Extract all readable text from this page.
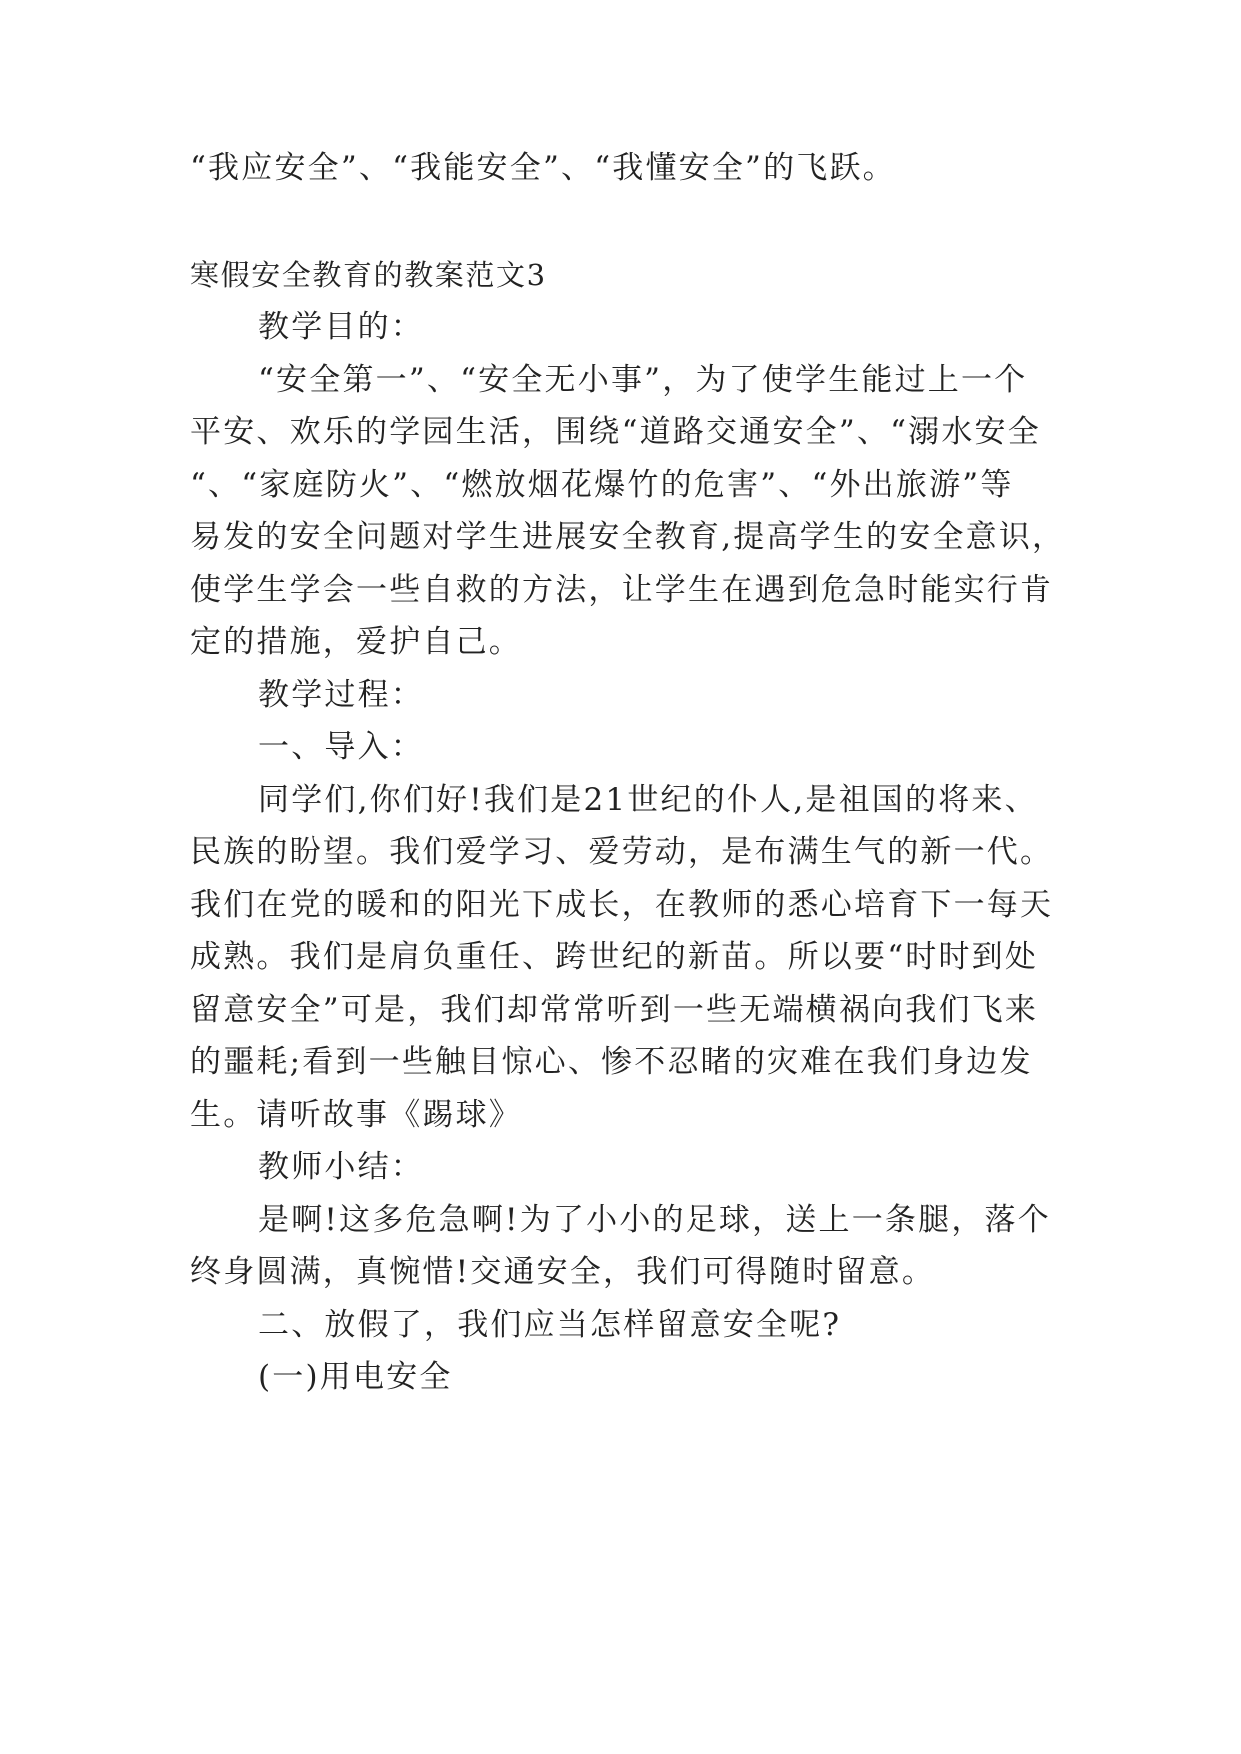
“我应安全”、“我能安全”、“我懂安全”的飞跃。
寒假安全教育的教案范文3
教学目的：
“安全第一”、“安全无小事”，为了使学生能过上一个
平安、欢乐的学园生活，围绕“道路交通安全”、“溺水安全
“、“家庭防火”、“燃放烟花爆竹的危害”、“外出旅游”等
易发的安全问题对学生进展安全教育,提高学生的安全意识，
使学生学会一些自救的方法，让学生在遇到危急时能实行肯
定的措施，爱护自己。
教学过程：
一、导入：
同学们,你们好!我们是21世纪的仆人,是祖国的将来、
民族的盼望。我们爱学习、爱劳动，是布满生气的新一代。
我们在党的暖和的阳光下成长，在教师的悉心培育下一每天
成熟。我们是肩负重任、跨世纪的新苗。所以要“时时到处
留意安全”可是，我们却常常听到一些无端横祸向我们飞来
的噩耗;看到一些触目惊心、惨不忍睹的灾难在我们身边发
生。请听故事《踢球》
教师小结：
是啊!这多危急啊!为了小小的足球，送上一条腿，落个
终身圆满，真惋惜!交通安全，我们可得随时留意。
二、放假了，我们应当怎样留意安全呢?
(一)用电安全
